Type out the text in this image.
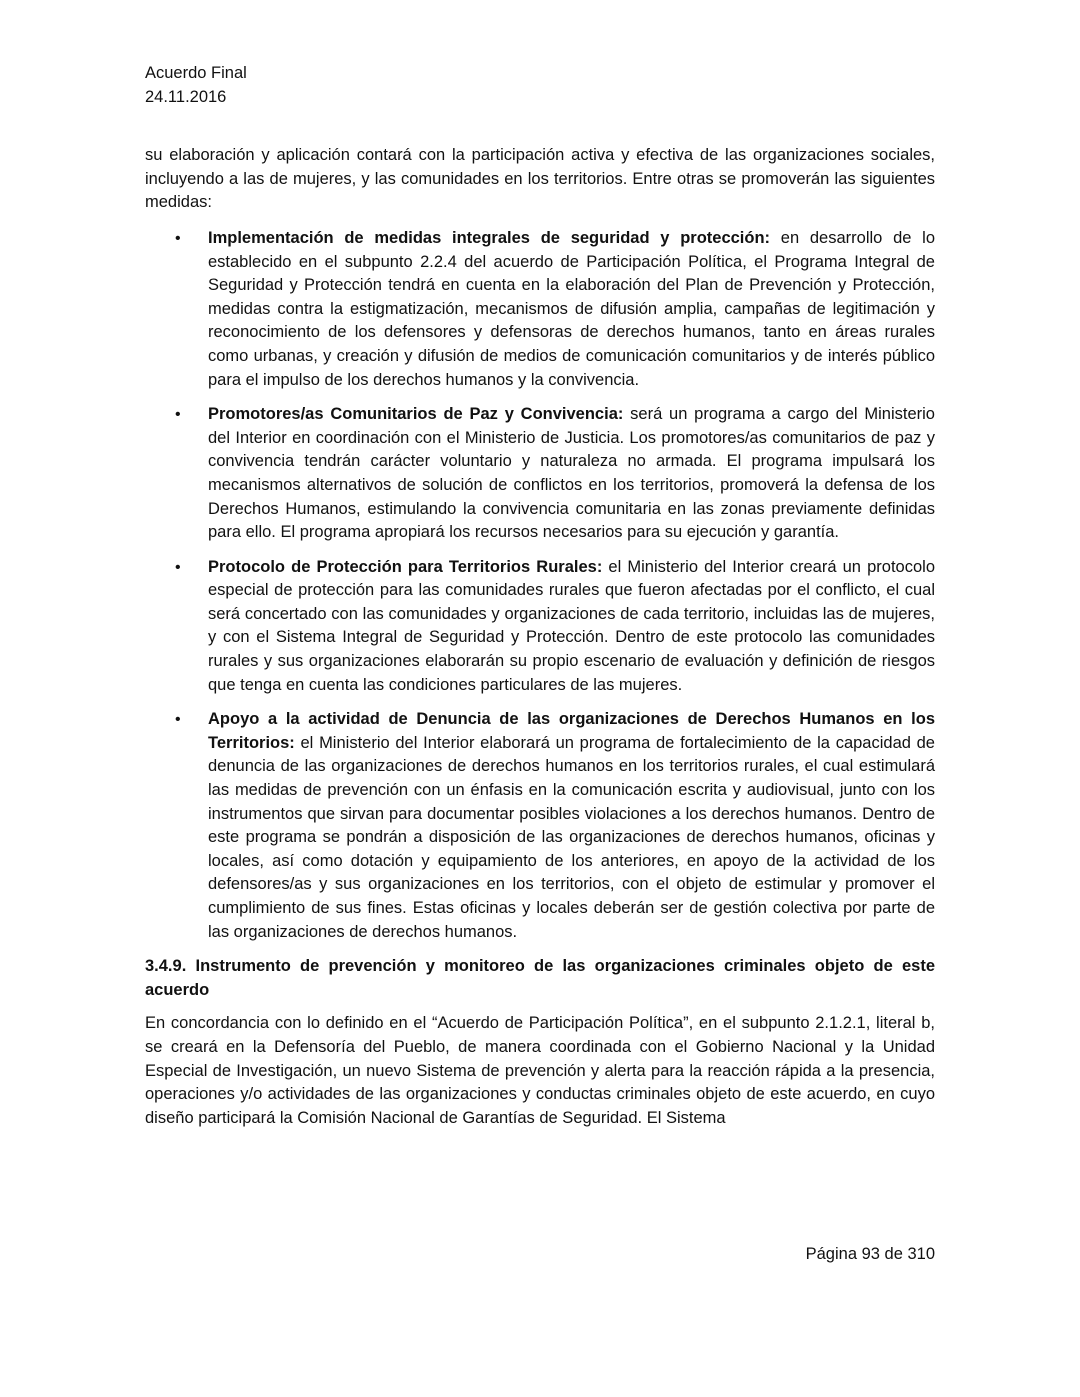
Acuerdo Final
24.11.2016

su elaboración y aplicación contará con la participación activa y efectiva de las organizaciones sociales, incluyendo a las de mujeres, y las comunidades en los territorios. Entre otras se promoverán las siguientes medidas:

• Implementación de medidas integrales de seguridad y protección: en desarrollo de lo establecido en el subpunto 2.2.4 del acuerdo de Participación Política, el Programa Integral de Seguridad y Protección tendrá en cuenta en la elaboración del Plan de Prevención y Protección, medidas contra la estigmatización, mecanismos de difusión amplia, campañas de legitimación y reconocimiento de los defensores y defensoras de derechos humanos, tanto en áreas rurales como urbanas, y creación y difusión de medios de comunicación comunitarios y de interés público para el impulso de los derechos humanos y la convivencia.
• Promotores/as Comunitarios de Paz y Convivencia: será un programa a cargo del Ministerio del Interior en coordinación con el Ministerio de Justicia. Los promotores/as comunitarios de paz y convivencia tendrán carácter voluntario y naturaleza no armada. El programa impulsará los mecanismos alternativos de solución de conflictos en los territorios, promoverá la defensa de los Derechos Humanos, estimulando la convivencia comunitaria en las zonas previamente definidas para ello. El programa apropiará los recursos necesarios para su ejecución y garantía.
• Protocolo de Protección para Territorios Rurales: el Ministerio del Interior creará un protocolo especial de protección para las comunidades rurales que fueron afectadas por el conflicto, el cual será concertado con las comunidades y organizaciones de cada territorio, incluidas las de mujeres, y con el Sistema Integral de Seguridad y Protección. Dentro de este protocolo las comunidades rurales y sus organizaciones elaborarán su propio escenario de evaluación y definición de riesgos que tenga en cuenta las condiciones particulares de las mujeres.
• Apoyo a la actividad de Denuncia de las organizaciones de Derechos Humanos en los Territorios: el Ministerio del Interior elaborará un programa de fortalecimiento de la capacidad de denuncia de las organizaciones de derechos humanos en los territorios rurales, el cual estimulará las medidas de prevención con un énfasis en la comunicación escrita y audiovisual, junto con los instrumentos que sirvan para documentar posibles violaciones a los derechos humanos. Dentro de este programa se pondrán a disposición de las organizaciones de derechos humanos, oficinas y locales, así como dotación y equipamiento de los anteriores, en apoyo de la actividad de los defensores/as y sus organizaciones en los territorios, con el objeto de estimular y promover el cumplimiento de sus fines. Estas oficinas y locales deberán ser de gestión colectiva por parte de las organizaciones de derechos humanos.
3.4.9. Instrumento de prevención y monitoreo de las organizaciones criminales objeto de este acuerdo

En concordancia con lo definido en el “Acuerdo de Participación Política”, en el subpunto 2.1.2.1, literal b, se creará en la Defensoría del Pueblo, de manera coordinada con el Gobierno Nacional y la Unidad Especial de Investigación, un nuevo Sistema de prevención y alerta para la reacción rápida a la presencia, operaciones y/o actividades de las organizaciones y conductas criminales objeto de este acuerdo, en cuyo diseño participará la Comisión Nacional de Garantías de Seguridad. El Sistema

Página 93 de 310
